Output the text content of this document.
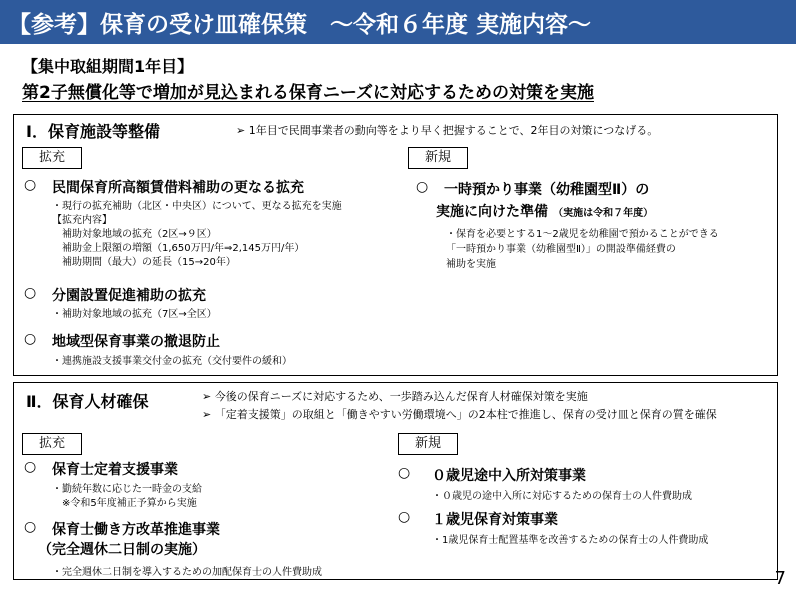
【参考】保育の受け皿確保策　～令和６年度 実施内容～
【集中取組期間1年目】
第2子無償化等で増加が見込まれる保育ニーズに対応するための対策を実施
Ⅰ．保育施設等整備	➢ 1年目で民間事業者の動向等をより早く把握することで、2年目の対策につなげる。
拡充	新規
○ 民間保育所高額賃借料補助の更なる拡充
・現行の拡充補助（北区・中央区）について、更なる拡充を実施
【拡充内容】
補助対象地域の拡充（2区→９区）
補助金上限額の増額（1,650万円/年⇒2,145万円/年）
補助期間（最大）の延長（15→20年）
○ 分園設置促進補助の拡充
・補助対象地域の拡充（7区→全区）
○ 地域型保育事業の撤退防止
・連携施設支援事業交付金の拡充（交付要件の緩和）
○ 一時預かり事業（幼稚園型Ⅱ）の
実施に向けた準備 （実施は令和７年度）
・保育を必要とする1～2歳児を幼稚園で預かることができる
「一時預かり事業（幼稚園型Ⅱ）」の開設準備経費の
補助を実施
Ⅱ．保育人材確保	➢ 今後の保育ニーズに対応するため、一歩踏み込んだ保育人材確保対策を実施
➢ 「定着支援策」の取組と「働きやすい労働環境へ」の2本柱で推進し、保育の受け皿と保育の質を確保
拡充	新規
○ 保育士定着支援事業
・勤続年数に応じた一時金の支給
※令和5年度補正予算から実施
○ 保育士働き方改革推進事業
（完全週休二日制の実施）
・完全週休二日制を導入するための加配保育士の人件費助成
○ ０歳児途中入所対策事業
・０歳児の途中入所に対応するための保育士の人件費助成
○ １歳児保育対策事業
・1歳児保育士配置基準を改善するための保育士の人件費助成
7
